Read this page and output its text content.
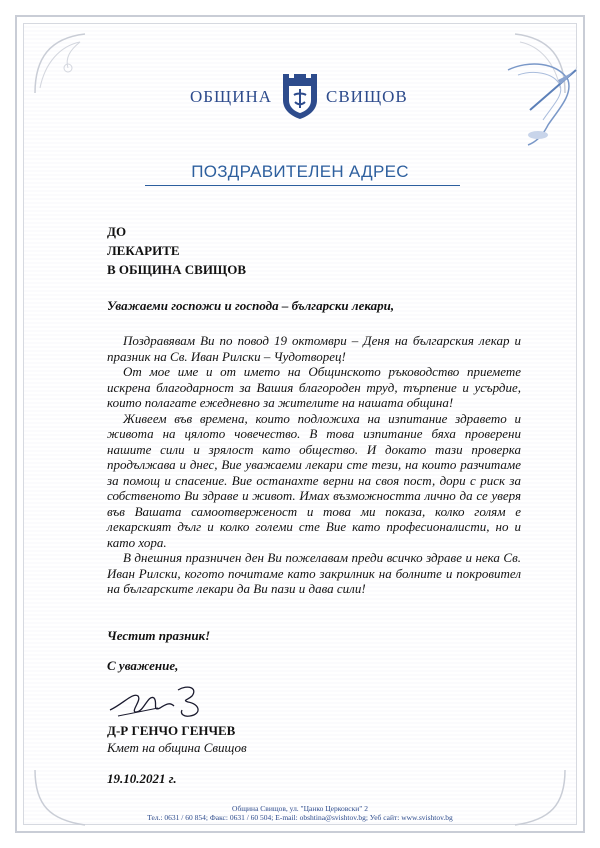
ОБЩИНА	СВИЩОВ
ПОЗДРАВИТЕЛЕН АДРЕС
ДО
ЛЕКАРИТЕ
В ОБЩИНА СВИЩОВ
Уважаеми госпожи и господа – български лекари,

Поздравявам Ви по повод 19 октомври – Деня на българския лекар и празник на Св. Иван Рилски – Чудотворец!

От мое име и от името на Общинското ръководство приемете искрена благодарност за Вашия благороден труд, търпение и усърдие, които полагате ежедневно за жителите на нашата община!

Живеем във времена, които подложиха на изпитание здравето и живота на цялото човечество. В това изпитание бяха проверени нашите сили и зрялост като общество. И докато тази проверка продължава и днес, Вие уважаеми лекари сте тези, на които разчитаме за помощ и спасение. Вие останахте верни на своя пост, дори с риск за собственото Ви здраве и живот. Имах възможността лично да се уверя във Вашата самоотверженост и това ми показа, колко голям е лекарският дълг и колко големи сте Вие като професионалисти, но и като хора.

В днешния празничен ден Ви пожелавам преди всичко здраве и нека Св. Иван Рилски, когото почитаме като закрилник на болните и покровител на българските лекари да Ви пази и дава сили!

Честит празник!
С уважение,
Д-Р ГЕНЧО ГЕНЧЕВ
Кмет на община Свищов
19.10.2021 г.
Община Свищов, ул. "Цанко Церковски" 2
Тел.: 0631 / 60 854; Факс: 0631 / 60 504; E-mail: obshtina@svishtov.bg; Уеб сайт: www.svishtov.bg
